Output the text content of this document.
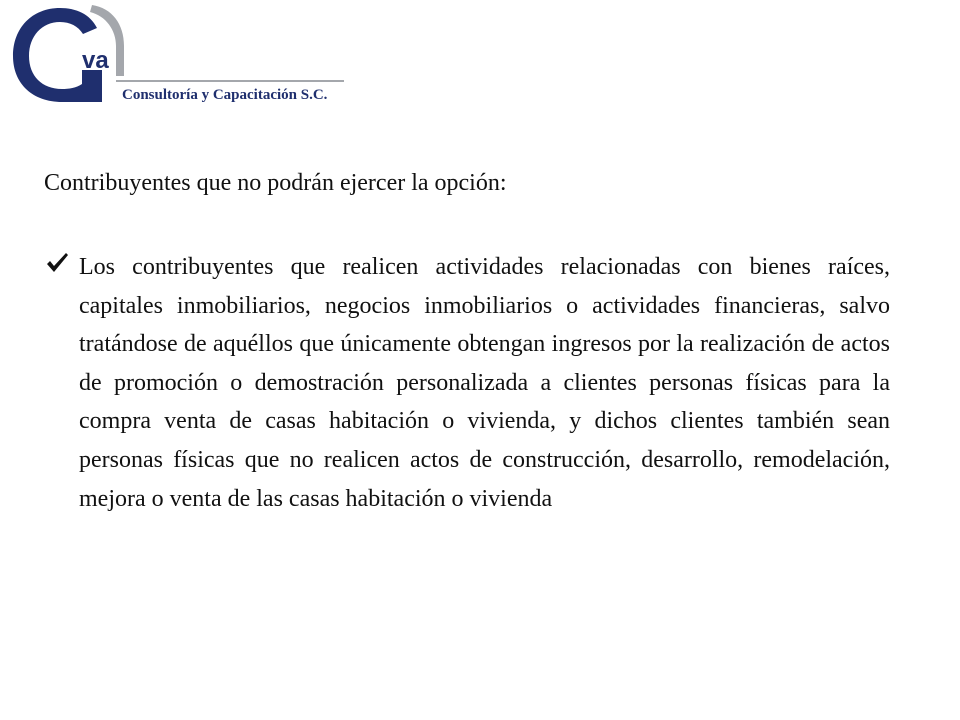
va
Consultoría y Capacitación S.C.
Contribuyentes que no podrán ejercer la opción:

Los contribuyentes que realicen actividades relacionadas con bienes raíces, capitales inmobiliarios, negocios inmobiliarios o actividades financieras, salvo tratándose de aquéllos que únicamente obtengan ingresos por la realización de actos de promoción o demostración personalizada a clientes personas físicas para la compra venta de casas habitación o vivienda, y dichos clientes también sean personas físicas que no realicen actos de construcción, desarrollo, remodelación, mejora o venta de las casas habitación o vivienda
